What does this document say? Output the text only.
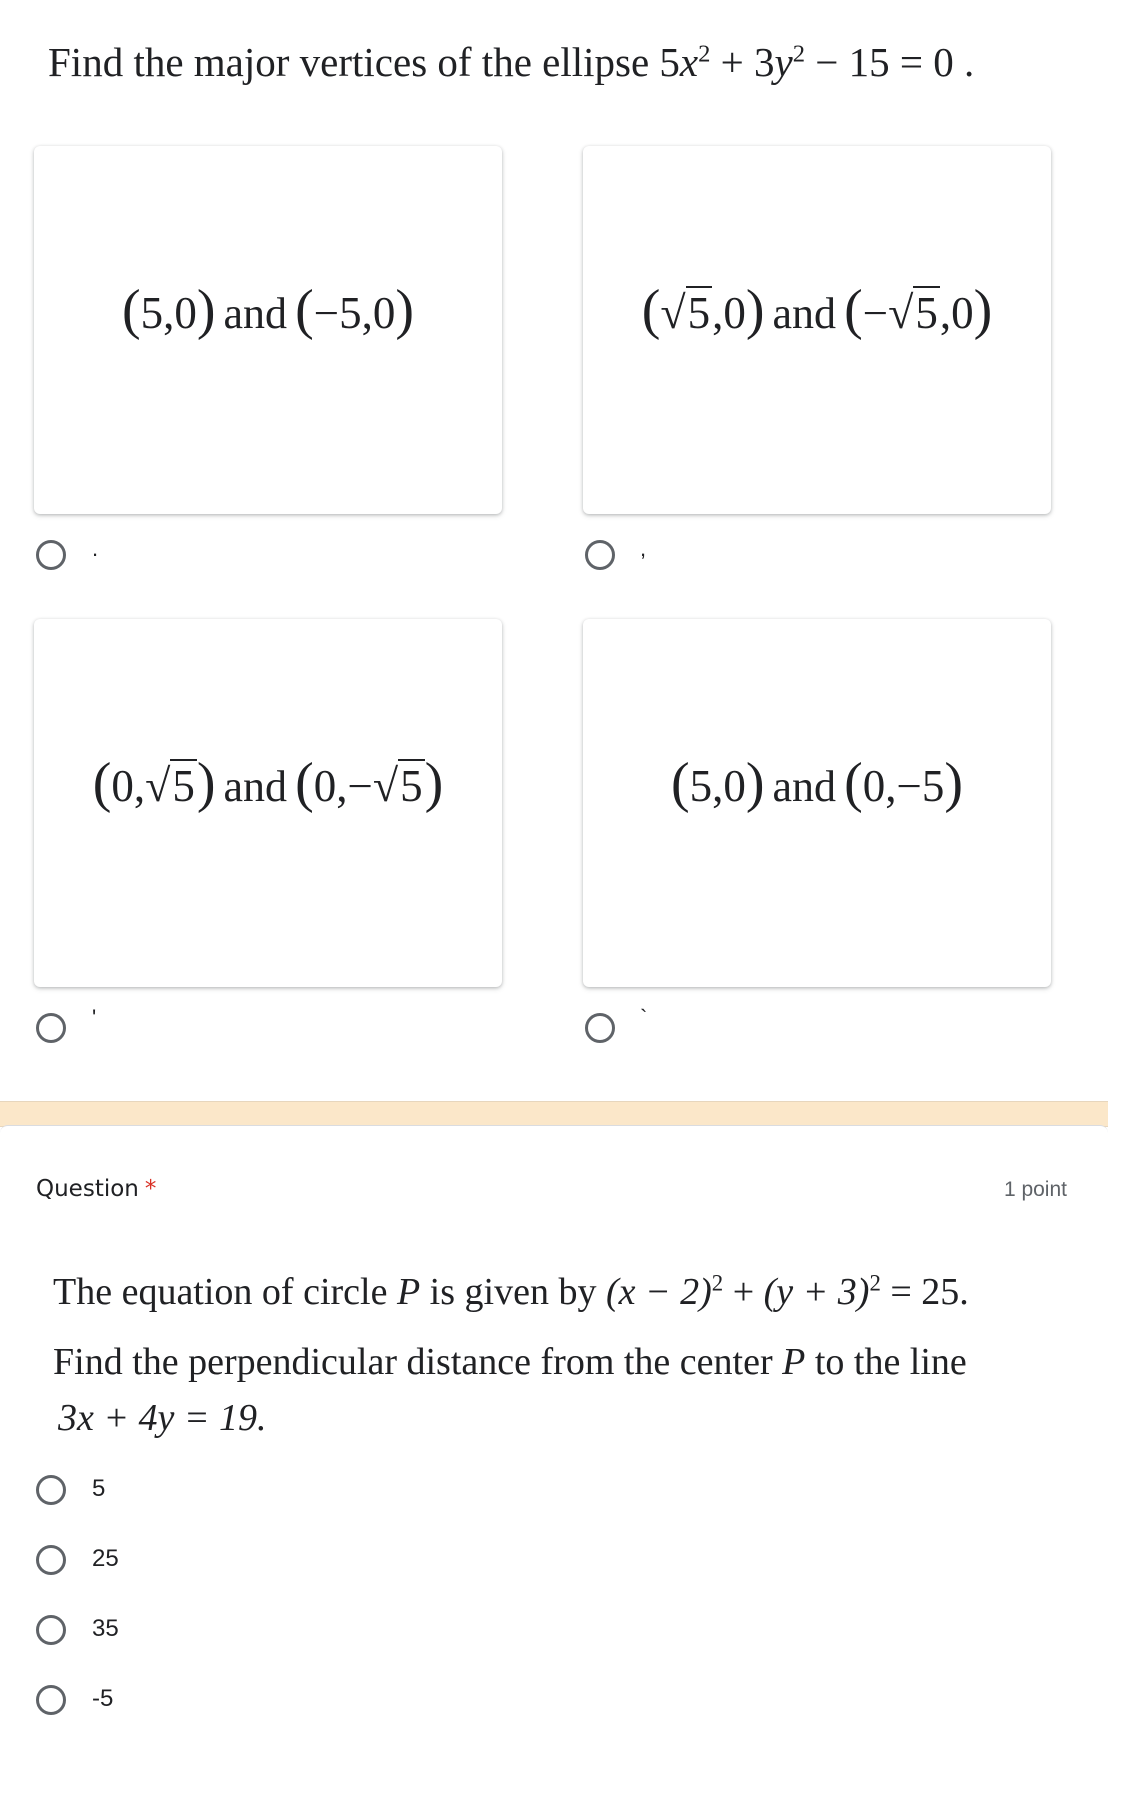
Find the major vertices of the ellipse $5x^2 + 3y^2 - 15 = 0$ .
(5,0) and (−5,0)	(√5,0) and (−√5,0)
.	,
(0,√5) and (0,−√5)	(5,0) and (0,−5)
'	`
Question *	1 point
The equation of circle P is given by $(x - 2)^2 + (y + 3)^2 = 25$.
Find the perpendicular distance from the center P to the line
3x + 4y = 19.
5
25
35
-5
